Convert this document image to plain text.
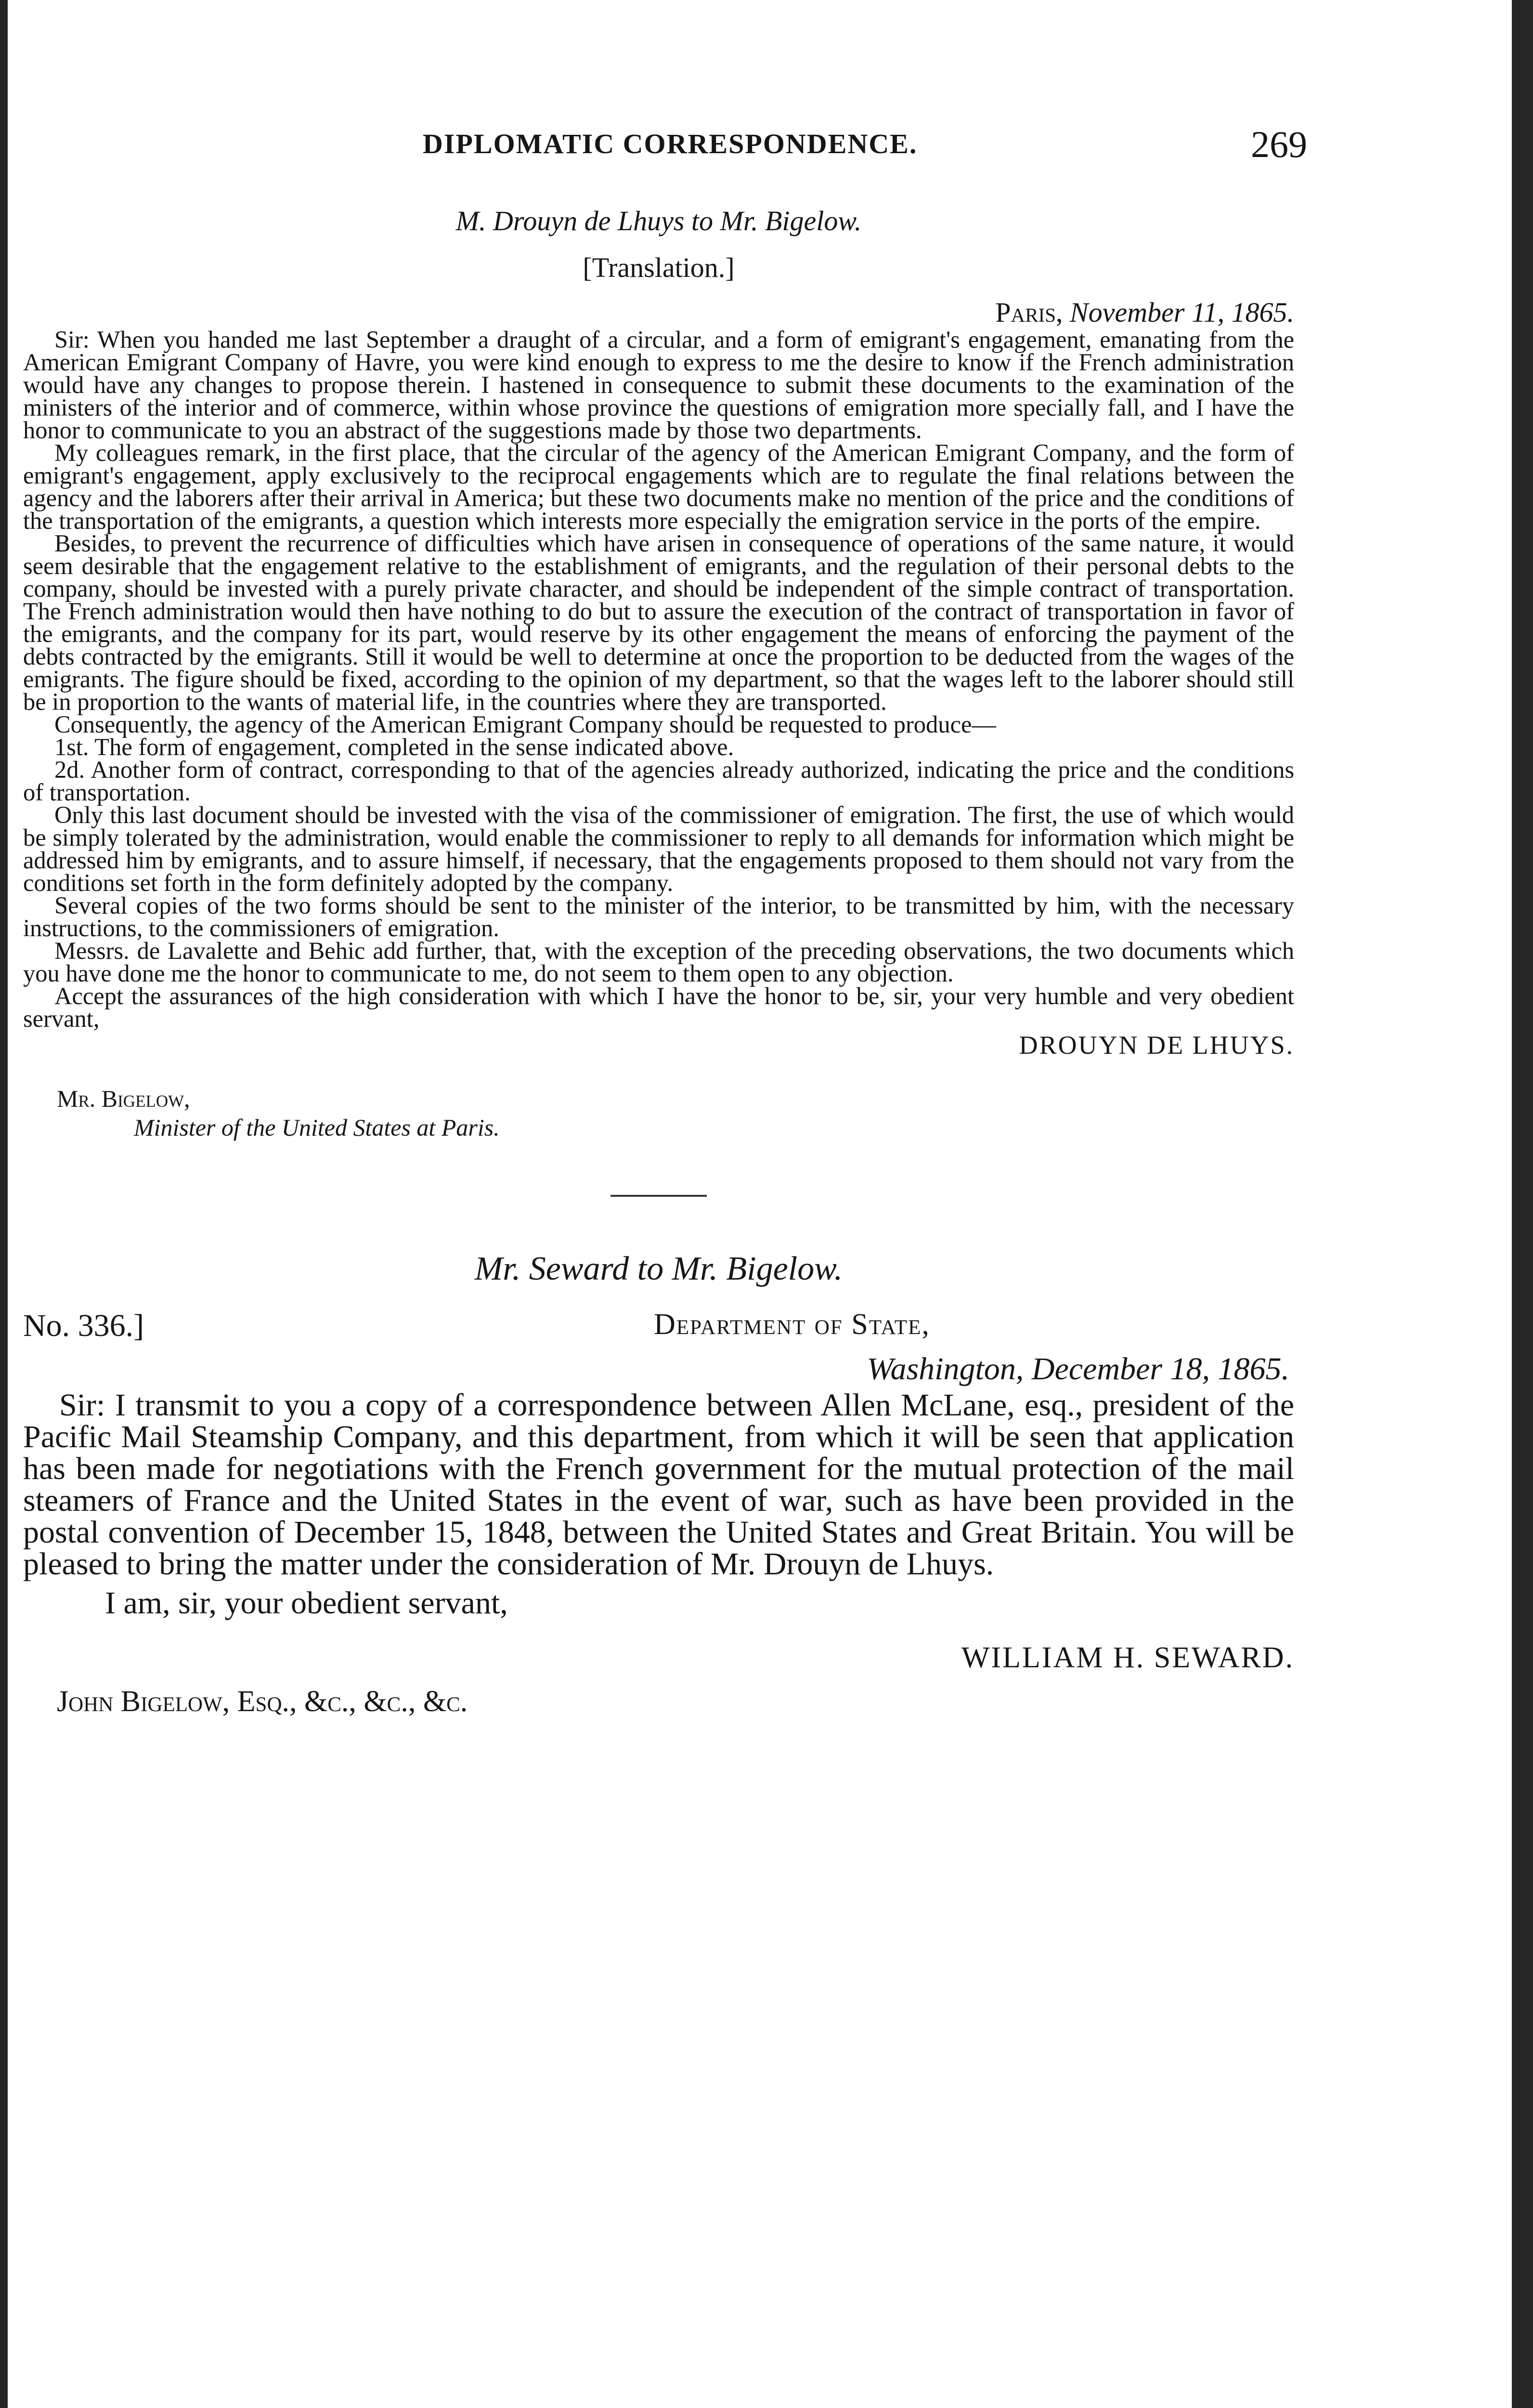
DIPLOMATIC CORRESPONDENCE.	269
M. Drouyn de Lhuys to Mr. Bigelow.
[Translation.]
Paris, November 11, 1865.

Sir: When you handed me last September a draught of a circular, and a form of emigrant's engagement, emanating from the American Emigrant Company of Havre, you were kind enough to express to me the desire to know if the French administration would have any changes to propose therein. I hastened in consequence to submit these documents to the examination of the ministers of the interior and of commerce, within whose province the questions of emigration more specially fall, and I have the honor to communicate to you an abstract of the suggestions made by those two departments.

My colleagues remark, in the first place, that the circular of the agency of the American Emigrant Company, and the form of emigrant's engagement, apply exclusively to the reciprocal engagements which are to regulate the final relations between the agency and the laborers after their arrival in America; but these two documents make no mention of the price and the conditions of the transportation of the emigrants, a question which interests more especially the emigration service in the ports of the empire.

Besides, to prevent the recurrence of difficulties which have arisen in consequence of operations of the same nature, it would seem desirable that the engagement relative to the establishment of emigrants, and the regulation of their personal debts to the company, should be invested with a purely private character, and should be independent of the simple contract of transportation. The French administration would then have nothing to do but to assure the execution of the contract of transportation in favor of the emigrants, and the company for its part, would reserve by its other engagement the means of enforcing the payment of the debts contracted by the emigrants. Still it would be well to determine at once the proportion to be deducted from the wages of the emigrants. The figure should be fixed, according to the opinion of my department, so that the wages left to the laborer should still be in proportion to the wants of material life, in the countries where they are transported.

Consequently, the agency of the American Emigrant Company should be requested to produce—

1st. The form of engagement, completed in the sense indicated above.

2d. Another form of contract, corresponding to that of the agencies already authorized, indicating the price and the conditions of transportation.

Only this last document should be invested with the visa of the commissioner of emigration. The first, the use of which would be simply tolerated by the administration, would enable the commissioner to reply to all demands for information which might be addressed him by emigrants, and to assure himself, if necessary, that the engagements proposed to them should not vary from the conditions set forth in the form definitely adopted by the company.

Several copies of the two forms should be sent to the minister of the interior, to be transmitted by him, with the necessary instructions, to the commissioners of emigration.

Messrs. de Lavalette and Behic add further, that, with the exception of the preceding observations, the two documents which you have done me the honor to communicate to me, do not seem to them open to any objection.

Accept the assurances of the high consideration with which I have the honor to be, sir, your very humble and very obedient servant,

DROUYN DE LHUYS.
Mr. Bigelow,
Minister of the United States at Paris.
Mr. Seward to Mr. Bigelow.
No. 336.]	Department of State,
Washington, December 18, 1865.

Sir: I transmit to you a copy of a correspondence between Allen McLane, esq., president of the Pacific Mail Steamship Company, and this department, from which it will be seen that application has been made for negotiations with the French government for the mutual protection of the mail steamers of France and the United States in the event of war, such as have been provided in the postal convention of December 15, 1848, between the United States and Great Britain. You will be pleased to bring the matter under the consideration of Mr. Drouyn de Lhuys.

I am, sir, your obedient servant,
WILLIAM H. SEWARD.
John Bigelow, Esq., &c., &c., &c.
